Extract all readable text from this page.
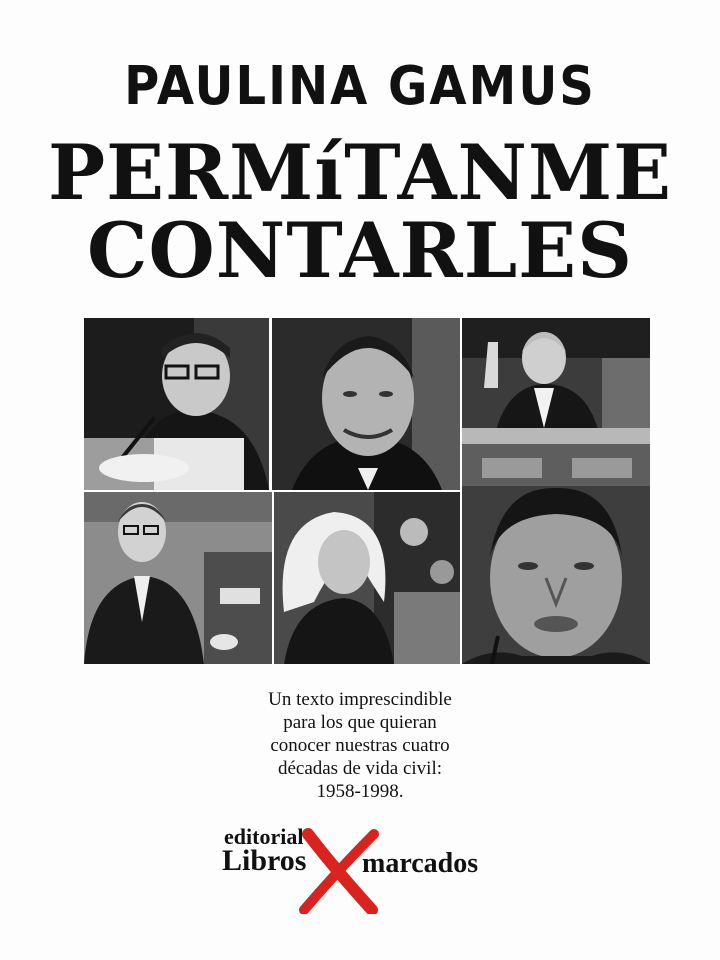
PAULINA GAMUS
PERMíTANME
CONTARLES
Un texto imprescindible
para los que quieran
conocer nuestras cuatro
décadas de vida civil:
1958-1998.
editorial
Libros marcados
